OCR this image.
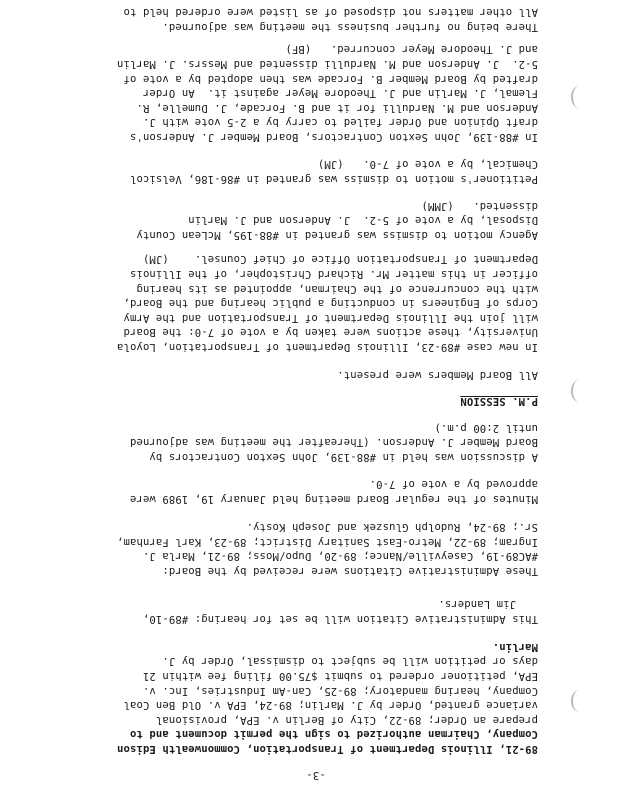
-3-
89-21, Illinois Department of Transportation, Commonwealth Edison
Company, Chairman authorized to sign the permit document and to
prepare an Order; 89-22, City of Berlin v. EPA, provisional
variance granted, Order by J. Marlin; 89-24, EPA v. Old Ben Coal
Company, hearing mandatory; 89-25, Can-Am Industries, Inc. v.
EPA, petitioner ordered to submit $75.00 filing fee within 21
days or petition will be subject to dismissal, Order by J.
Marlin.
This Administrative Citation will be set for hearing: #89-10,
Jim Landers.
These Administrative Citations were received by the Board:
#AC89-19, Caseyville/Nance; 89-20, Dupo/Moss; 89-21, Marla J.
Ingram; 89-22, Metro-East Sanitary District; 89-23, Karl Farnham,
Sr.; 89-24, Rudolph Gluszek and Joseph Kosty.
Minutes of the regular Board meeting held January 19, 1989 were
approved by a vote of 7-0.
A discussion was held in #88-139, John Sexton Contractors by
Board Member J. Anderson. (Thereafter the meeting was adjourned
until 2:00 p.m.)
P.M. SESSION
All Board Members were present.
In new case #89-23, Illinois Department of Transportation, Loyola
University, these actions were taken by a vote of 7-0: the Board
will join the Illinois Department of Transportation and the Army
Corps of Engineers in conducting a public hearing and the Board,
with the concurrence of the Chairman, appointed as its hearing
officer in this matter Mr. Richard Christopher, of the Illinois
Department of Transportation Office of Chief Counsel.    (JM)
Agency motion to dismiss was granted in #88-195, McLean County
Disposal, by a vote of 5-2.  J. Anderson and J. Marlin
dissented.   (JMM)
Petitioner's motion to dismiss was granted in #86-186, Velsicol
Chemical, by a vote of 7-0.   (JM)
In #88-139, John Sexton Contractors, Board Member J. Anderson's
draft Opinion and Order failed to carry by a 2-5 vote with J.
Anderson and M. Nardulli for it and B. Forcade, J. Dumelle, R.
Flemal, J. Marlin and J. Theodore Meyer against it.  An Order
drafted by Board Member B. Forcade was then adopted by a vote of
5-2.  J. Anderson and M. Nardulli dissented and Messrs. J. Marlin
and J. Theodore Meyer concurred.   (BF)
There being no further business the meeting was adjourned.
All other matters not disposed of as listed were ordered held to
